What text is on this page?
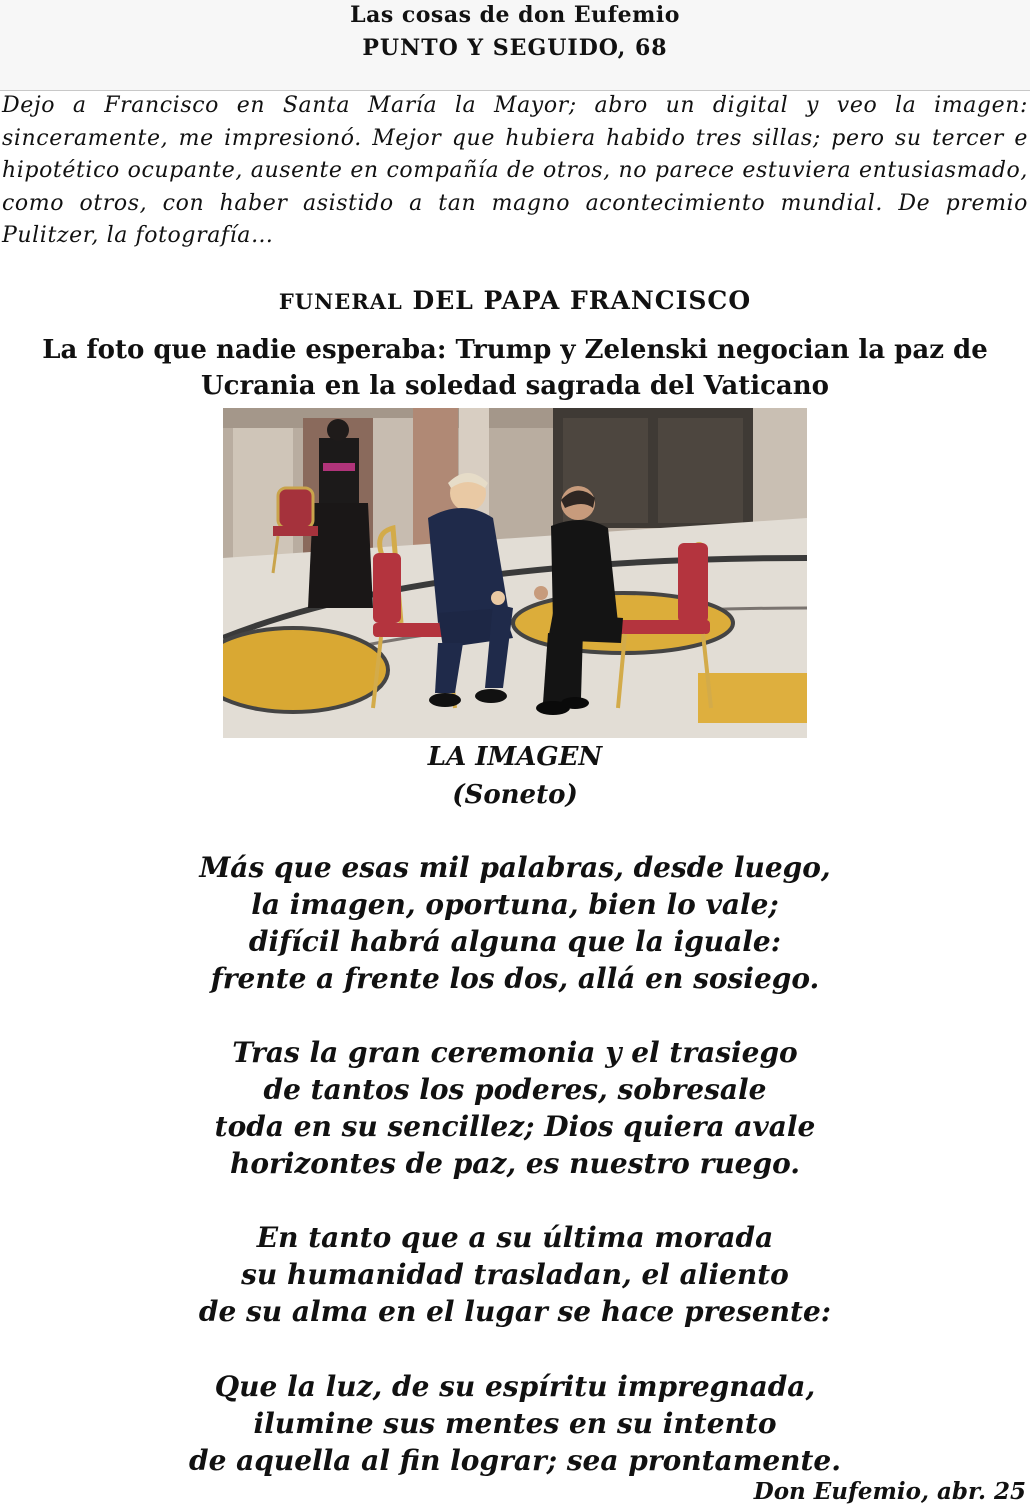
Las cosas de don Eufemio
PUNTO Y SEGUIDO, 68
Dejo a Francisco en Santa María la Mayor; abro un digital y veo la imagen: sinceramente, me impresionó. Mejor que hubiera habido tres sillas; pero su tercer e hipotético ocupante, ausente en compañía de otros, no parece estuviera entusiasmado, como otros, con haber asistido a tan magno acontecimiento mundial. De premio Pulitzer, la fotografía…
FUNERAL DEL PAPA FRANCISCO
La foto que nadie esperaba: Trump y Zelenski negocian la paz de
Ucrania en la soledad sagrada del Vaticano
LA IMAGEN
(Soneto)
Más que esas mil palabras, desde luego,
la imagen, oportuna, bien lo vale;
difícil habrá alguna que la iguale:
frente a frente los dos, allá en sosiego.
Tras la gran ceremonia y el trasiego
de tantos los poderes, sobresale
toda en su sencillez; Dios quiera avale
horizontes de paz, es nuestro ruego.
En tanto que a su última morada
su humanidad trasladan, el aliento
de su alma en el lugar se hace presente:
Que la luz, de su espíritu impregnada,
ilumine sus mentes en su intento
de aquella al fin lograr; sea prontamente.
Don Eufemio, abr. 25
